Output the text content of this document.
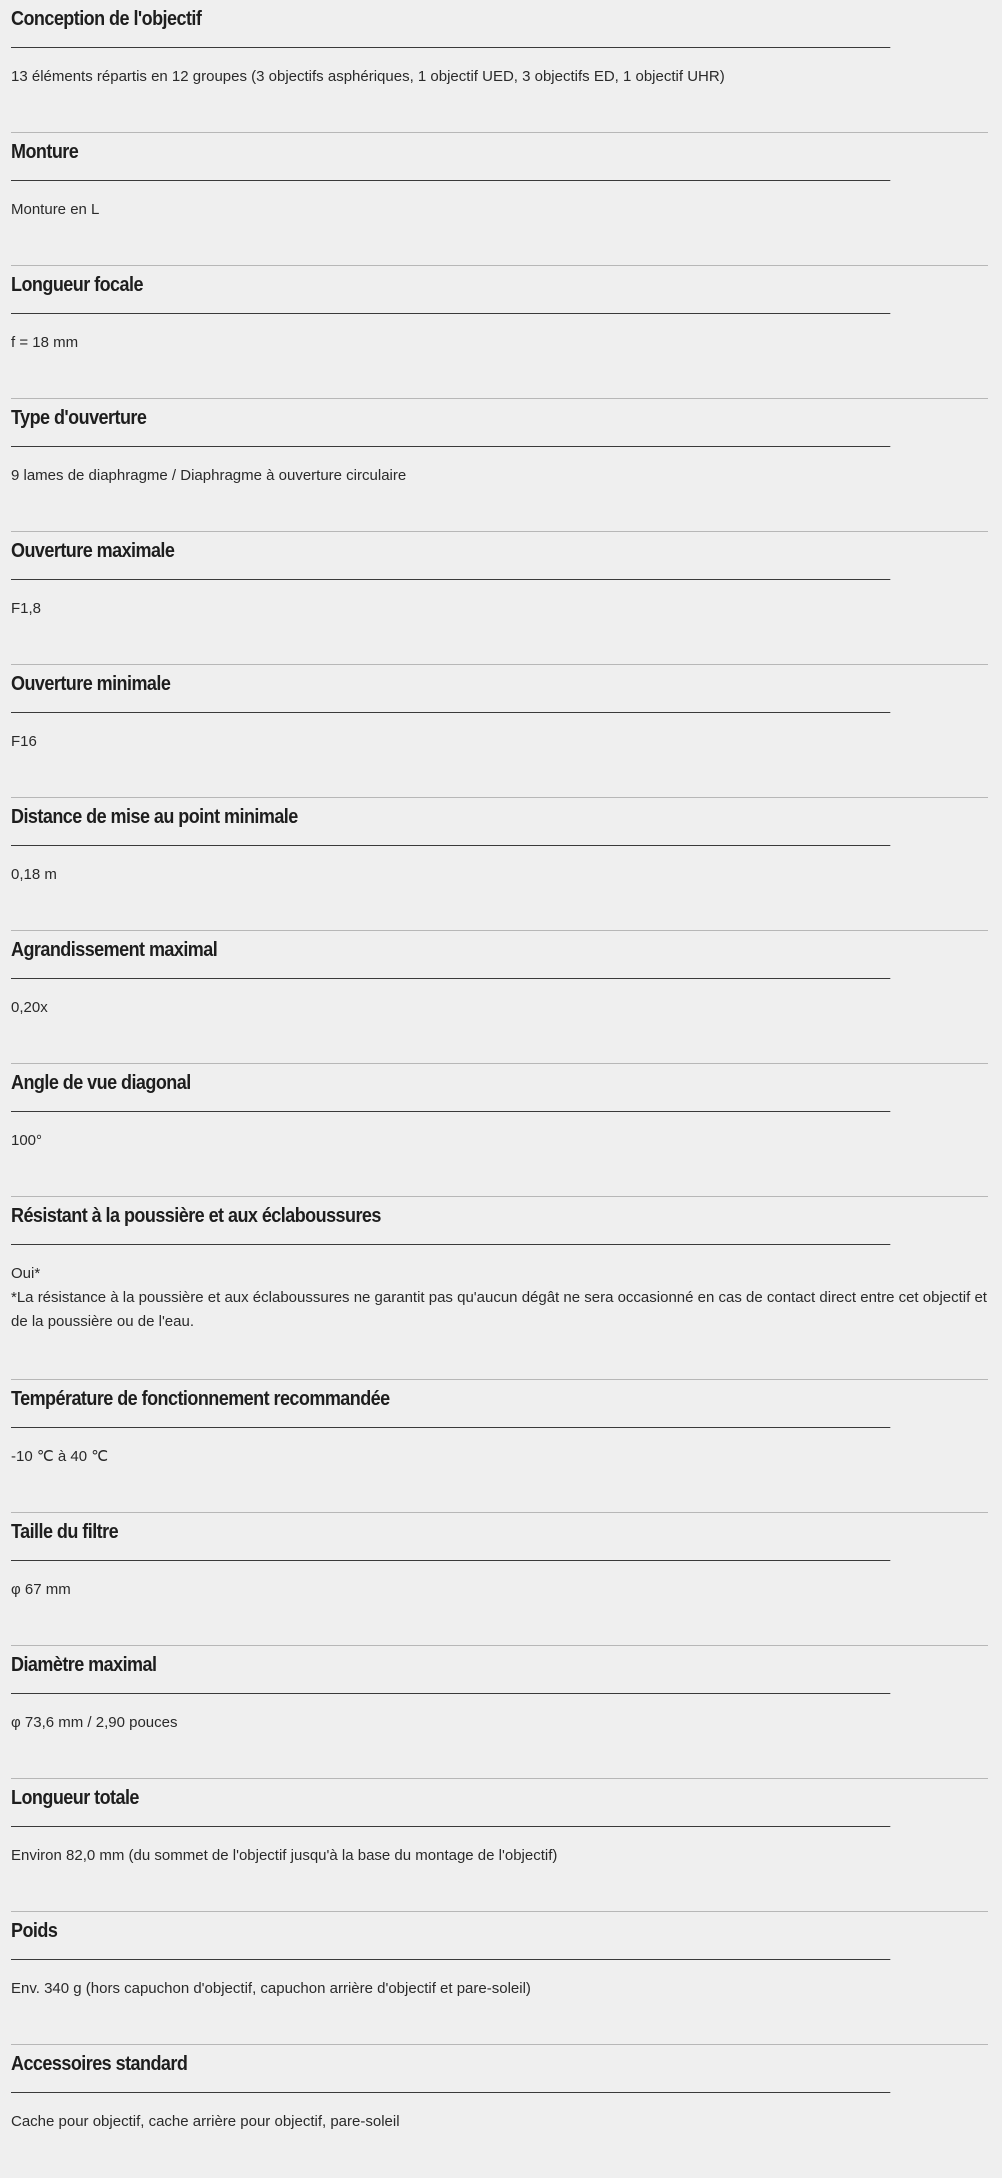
Conception de l'objectif
13 éléments répartis en 12 groupes (3 objectifs asphériques, 1 objectif UED, 3 objectifs ED, 1 objectif UHR)
Monture
Monture en L
Longueur focale
f = 18 mm
Type d'ouverture
9 lames de diaphragme / Diaphragme à ouverture circulaire
Ouverture maximale
F1,8
Ouverture minimale
F16
Distance de mise au point minimale
0,18 m
Agrandissement maximal
0,20x
Angle de vue diagonal
100°
Résistant à la poussière et aux éclaboussures
Oui*
*La résistance à la poussière et aux éclaboussures ne garantit pas qu'aucun dégât ne sera occasionné en cas de contact direct entre cet objectif et de la poussière ou de l'eau.
Température de fonctionnement recommandée
-10 ℃ à 40 ℃
Taille du filtre
φ 67 mm
Diamètre maximal
φ 73,6 mm / 2,90 pouces
Longueur totale
Environ 82,0 mm (du sommet de l'objectif jusqu'à la base du montage de l'objectif)
Poids
Env. 340 g (hors capuchon d'objectif, capuchon arrière d'objectif et pare-soleil)
Accessoires standard
Cache pour objectif, cache arrière pour objectif, pare-soleil
